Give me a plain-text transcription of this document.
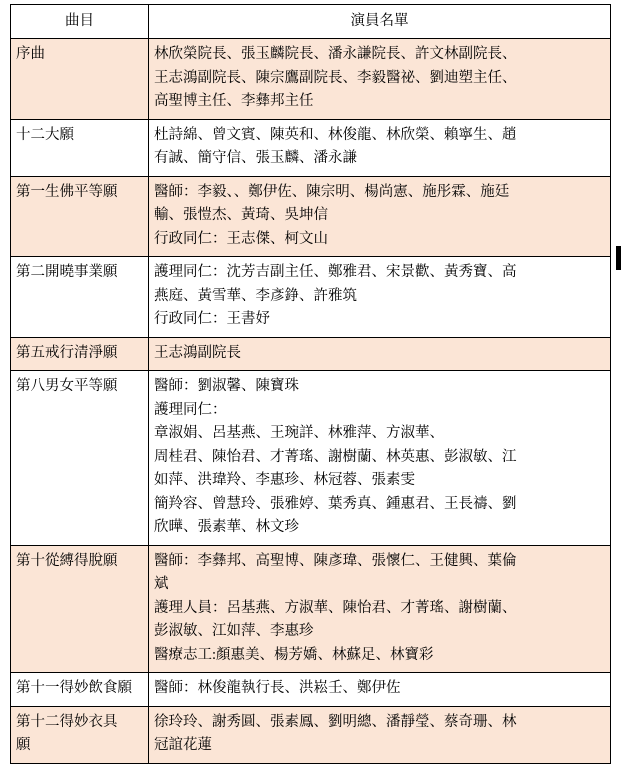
曲目	演員名單

序曲	林欣榮院長、張玉麟院長、潘永謙院長、許文林副院長、
王志鴻副院長、陳宗鷹副院長、李毅醫祕、劉迪塑主任、
高聖博主任、李彝邦主任

十二大願	杜詩綿、曾文賓、陳英和、林俊龍、林欣榮、賴寧生、趙
有誠、簡守信、張玉麟、潘永謙

第一生佛平等願	醫師：李毅、、鄭伊佐、陳宗明、楊尚憲、施彤霖、施廷
輸、張愷杰、黃琦、吳坤信
行政同仁：王志傑、柯文山

第二開曉事業願	護理同仁：沈芳吉副主任、鄭雅君、宋景歡、黃秀寶、高
燕庭、黃雪華、李彥錚、許雅筑
行政同仁：王書妤

第五戒行清淨願	王志鴻副院長

第八男女平等願	醫師：劉淑馨、陳寶珠
護理同仁：
章淑娟、呂基燕、王琬詳、林雅萍、方淑華、
周桂君、陳怡君、才菁瑤、謝樹蘭、林英惠、彭淑敏、江
如萍、洪瑋羚、李惠珍、林冠蓉、張素雯
簡羚容、曾慧玲、張雅婷、葉秀真、鍾惠君、王長禱、劉
欣曄、張素華、林文珍

第十從縛得脫願	醫師：李彝邦、高聖博、陳彥瑋、張懷仁、王健興、葉倫
斌
護理人員：呂基燕、方淑華、陳怡君、才菁瑤、謝樹蘭、
彭淑敏、江如萍、李惠珍
醫療志工:顏惠美、楊芳嬌、林蘇足、林寶彩

第十一得妙飲食願	醫師：林俊龍執行長、洪崧壬、鄭伊佐

第十二得妙衣具
願	徐玲玲、謝秀圓、張素鳳、劉明總、潘靜瑩、蔡奇珊、林
冠誼花蓮
